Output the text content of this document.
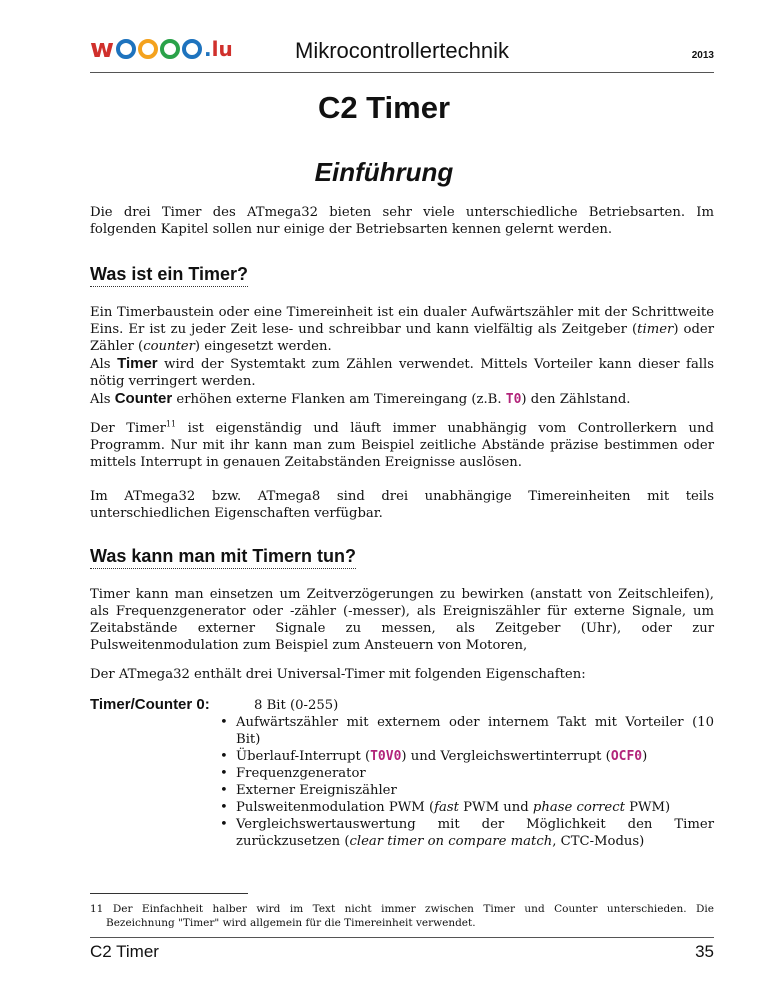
w	. lu	Mikrocontrollertechnik	2013
C2 Timer
Einführung

Die drei Timer des ATmega32 bieten sehr viele unterschiedliche Betriebsarten. Im
folgenden Kapitel sollen nur einige der Betriebsarten kennen gelernt werden.

Was ist ein Timer?

Ein Timerbaustein oder eine Timereinheit ist ein dualer Aufwärtszähler mit der Schrittweite
Eins. Er ist zu jeder Zeit lese- und schreibbar und kann vielfältig als Zeitgeber (timer) oder
Zähler (counter) eingesetzt werden.
Als Timer wird der Systemtakt zum Zählen verwendet. Mittels Vorteiler kann dieser falls
nötig verringert werden.
Als Counter erhöhen externe Flanken am Timereingang (z.B. T0) den Zählstand.

Der Timer$^{11}$ ist eigenständig und läuft immer unabhängig vom Controllerkern und
Programm. Nur mit ihr kann man zum Beispiel zeitliche Abstände präzise bestimmen oder
mittels Interrupt in genauen Zeitabständen Ereignisse auslösen.

Im ATmega32 bzw. ATmega8 sind drei unabhängige Timereinheiten mit teils
unterschiedlichen Eigenschaften verfügbar.

Was kann man mit Timern tun?

Timer kann man einsetzen um Zeitverzögerungen zu bewirken (anstatt von Zeitschleifen),
als Frequenzgenerator oder -zähler (-messer), als Ereigniszähler für externe Signale, um
Zeitabstände externer Signale zu messen, als Zeitgeber (Uhr), oder zur
Pulsweitenmodulation zum Beispiel zum Ansteuern von Motoren,

Der ATmega32 enthält drei Universal-Timer mit folgenden Eigenschaften:

Timer/Counter 0:	8 Bit (0-255)
• Aufwärtszähler mit externem oder internem Takt mit Vorteiler (10
Bit)
• Überlauf-Interrupt (T0V0) und Vergleichswertinterrupt (OCF0)
• Frequenzgenerator
• Externer Ereigniszähler
• Pulsweitenmodulation PWM (fast PWM und phase correct PWM)
• Vergleichswertauswertung mit der Möglichkeit den Timer
zurückzusetzen (clear timer on compare match, CTC-Modus)

11 Der Einfachheit halber wird im Text nicht immer zwischen Timer und Counter unterschieden. Die
Bezeichnung "Timer" wird allgemein für die Timereinheit verwendet.

C2 Timer	35
